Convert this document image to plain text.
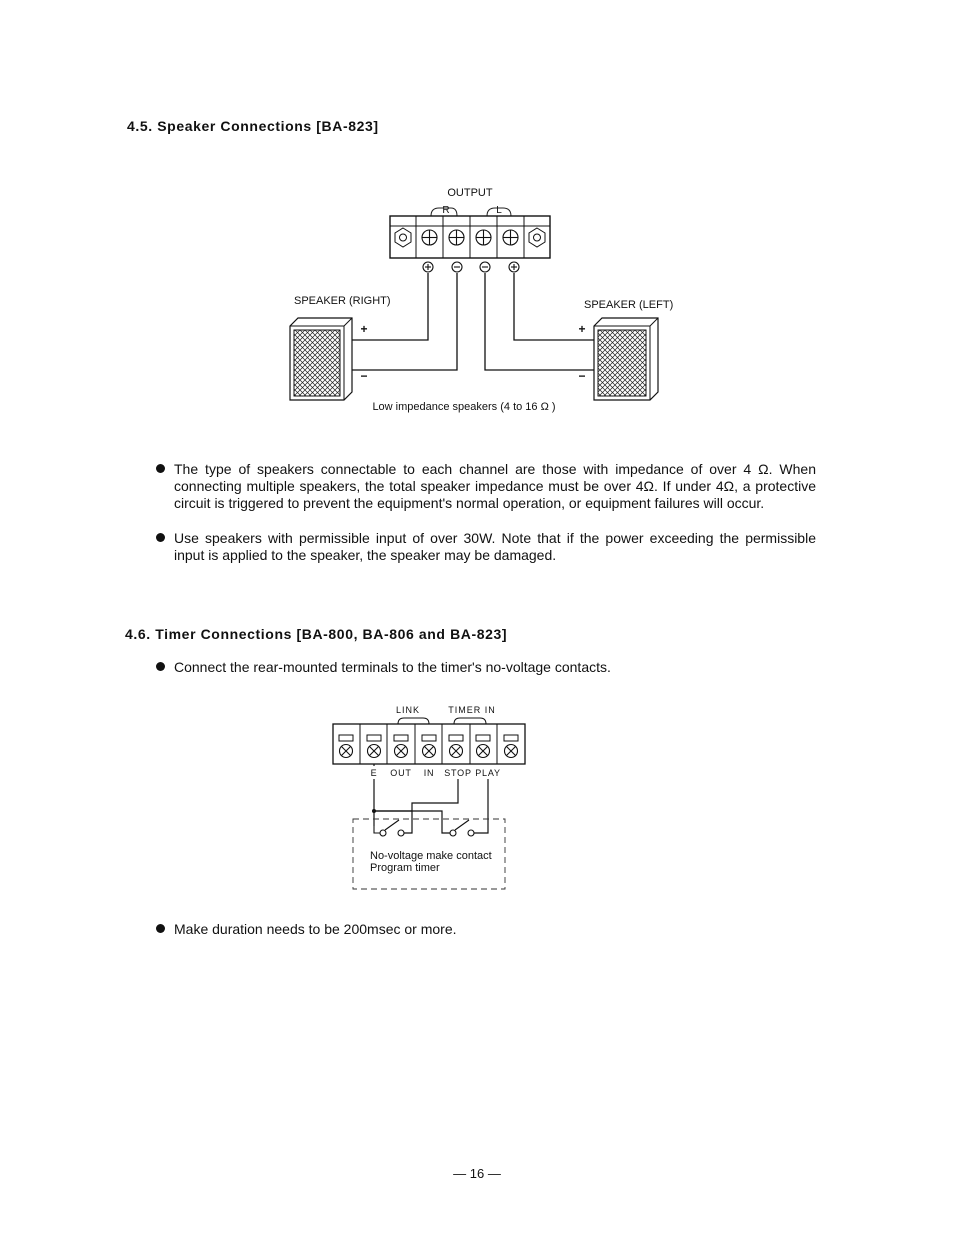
4.5. Speaker Connections [BA-823]
OUTPUT
R	L
SPEAKER (RIGHT)	SPEAKER (LEFT)
+
−
+
−
Low impedance speakers (4 to 16 Ω )
The type of speakers connectable to each channel are those with impedance of over 4 Ω. When connecting multiple speakers, the total speaker impedance must be over 4Ω. If under 4Ω, a protective circuit is triggered to prevent the equipment's normal operation, or equipment failures will occur.
Use speakers with permissible input of over 30W. Note that if the power exceeding the permissible input is applied to the speaker, the speaker may be damaged.
4.6. Timer Connections [BA-800, BA-806 and BA-823]
Connect the rear-mounted terminals to the timer's no-voltage contacts.
LINK	TIMER IN
E OUT IN STOP PLAY
No-voltage make contact
Program timer
Make duration needs to be 200msec or more.
— 16 —
